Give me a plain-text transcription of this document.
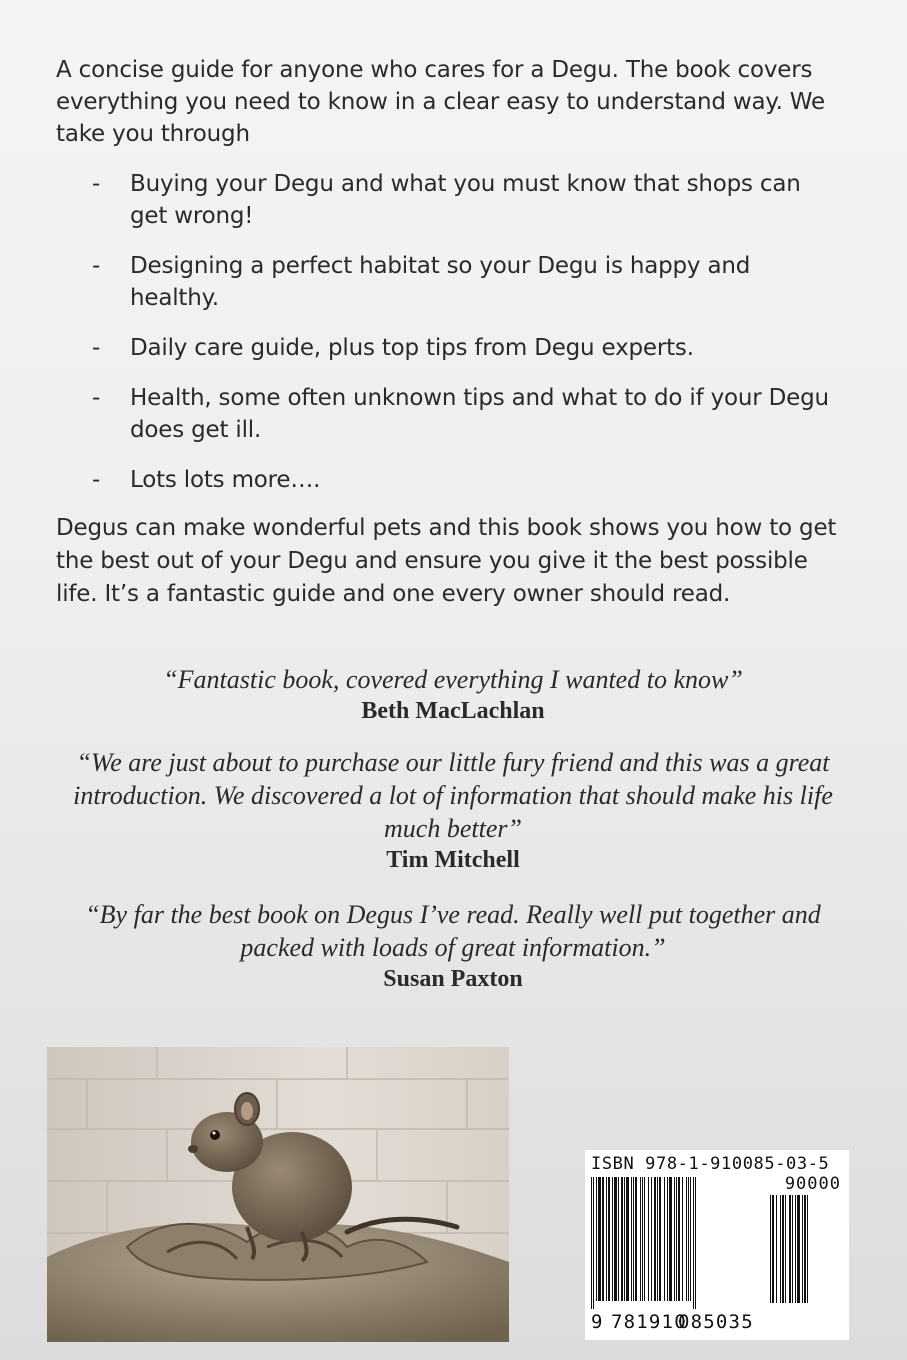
A concise guide for anyone who cares for a Degu. The book covers everything you need to know in a clear easy to understand way. We take you through

- Buying your Degu and what you must know that shops can get wrong!
- Designing a perfect habitat so your Degu is happy and healthy.
- Daily care guide, plus top tips from Degu experts.
- Health, some often unknown tips and what to do if your Degu does get ill.
- Lots lots more….

Degus can make wonderful pets and this book shows you how to get the best out of your Degu and ensure you give it the best possible life. It’s a fantastic guide and one every owner should read.

“Fantastic book, covered everything I wanted to know”

Beth MacLachlan

“We are just about to purchase our little fury friend and this was a great introduction. We discovered a lot of information that should make his life much better”

Tim Mitchell

“By far the best book on Degus I’ve read. Really well put together and packed with loads of great information.”

Susan Paxton

ISBN 978-1-910085-03-5
90000
9 781910
085035
